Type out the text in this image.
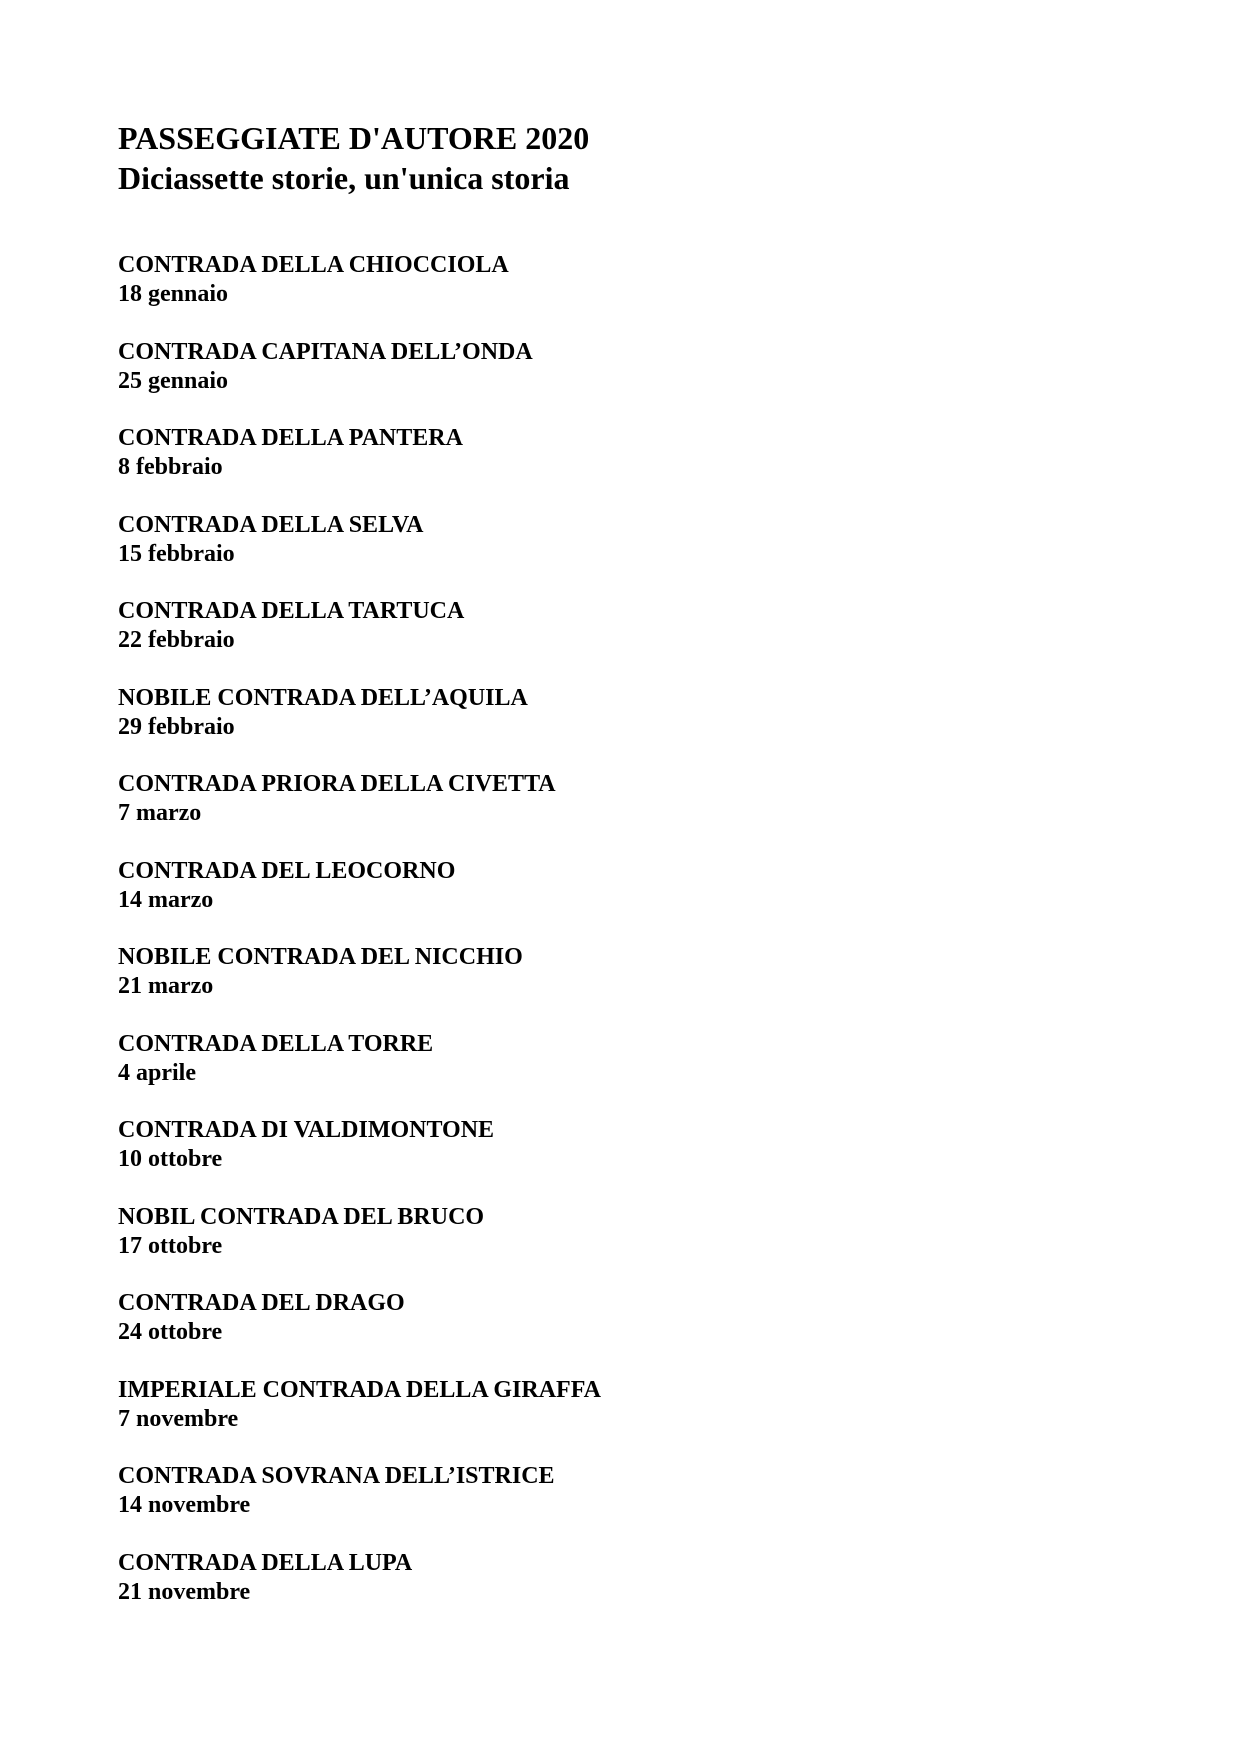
PASSEGGIATE D'AUTORE 2020
Diciassette storie, un'unica storia
CONTRADA DELLA CHIOCCIOLA
18 gennaio
CONTRADA CAPITANA DELL’ONDA
25 gennaio
CONTRADA DELLA PANTERA
8 febbraio
CONTRADA DELLA SELVA
15 febbraio
CONTRADA DELLA TARTUCA
22 febbraio
NOBILE CONTRADA DELL’AQUILA
29 febbraio
CONTRADA PRIORA DELLA CIVETTA
7 marzo
CONTRADA DEL LEOCORNO
14 marzo
NOBILE CONTRADA DEL NICCHIO
21 marzo
CONTRADA DELLA TORRE
4 aprile
CONTRADA DI VALDIMONTONE
10 ottobre
NOBIL CONTRADA DEL BRUCO
17 ottobre
CONTRADA DEL DRAGO
24 ottobre
IMPERIALE CONTRADA DELLA GIRAFFA
7 novembre
CONTRADA SOVRANA DELL’ISTRICE
14 novembre
CONTRADA DELLA LUPA
21 novembre
